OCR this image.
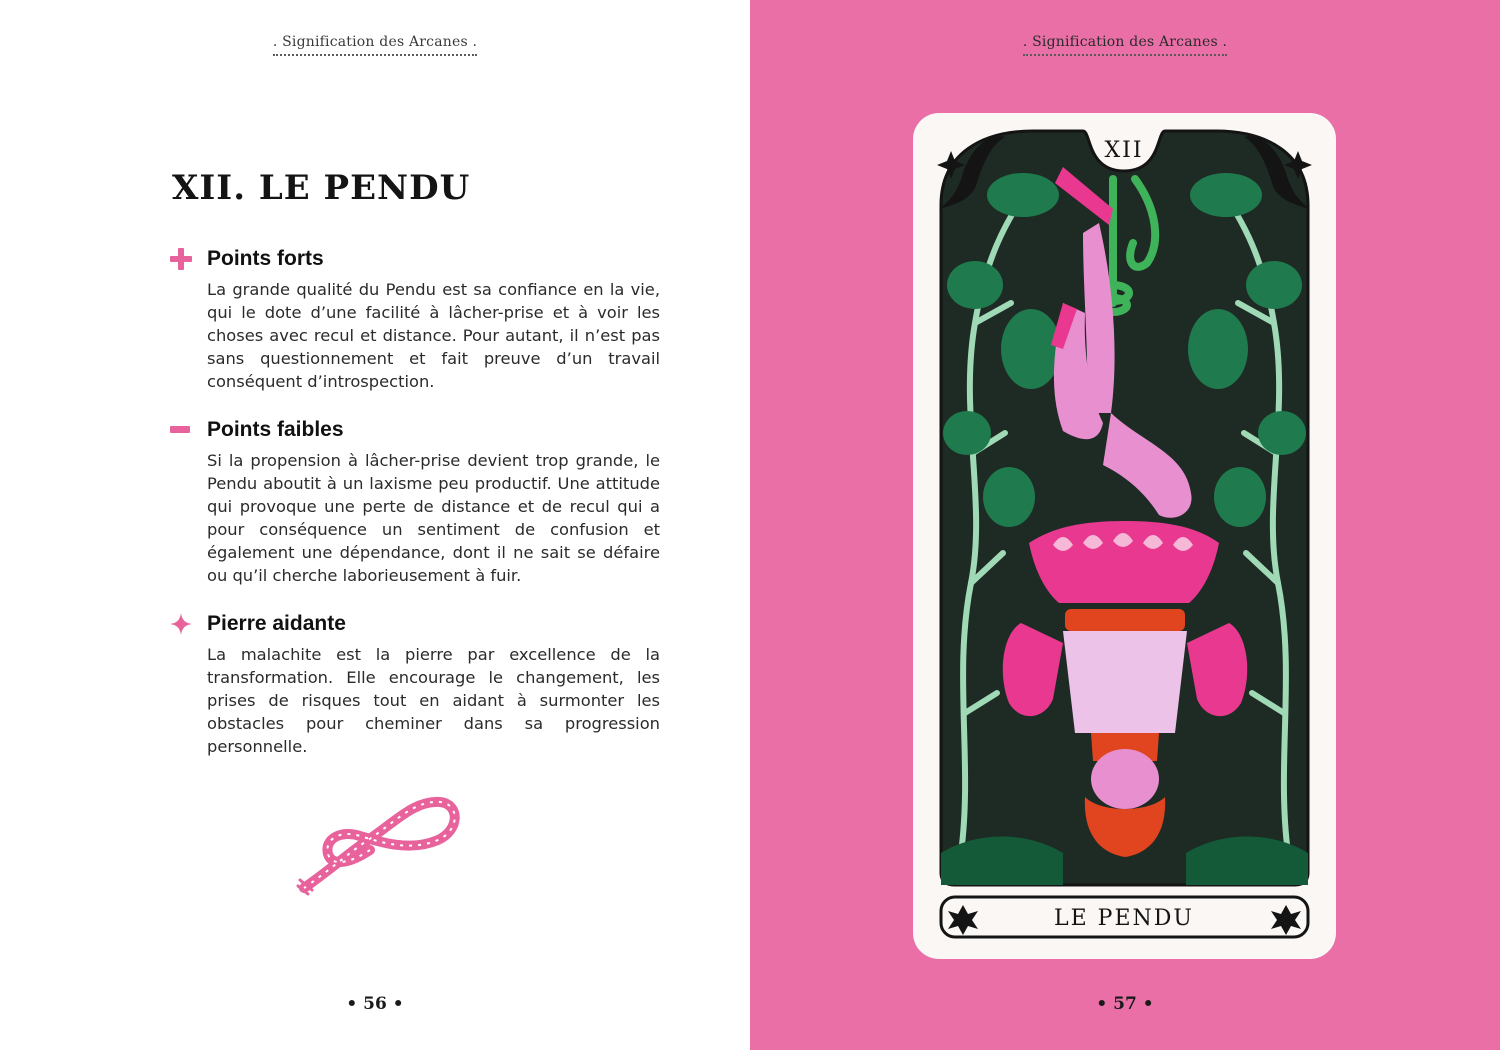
. Signification des Arcanes .
XII. LE PENDU
Points forts

La grande qualité du Pendu est sa confiance en la vie, qui le dote d’une facilité à lâcher-prise et à voir les choses avec recul et distance. Pour autant, il n’est pas sans questionnement et fait preuve d’un travail conséquent d’introspection.

Points faibles

Si la propension à lâcher-prise devient trop grande, le Pendu aboutit à un laxisme peu productif. Une attitude qui provoque une perte de distance et de recul qui a pour conséquence un sentiment de confusion et également une dépendance, dont il ne sait se défaire ou qu’il cherche laborieusement à fuir.

Pierre aidante

La malachite est la pierre par excellence de la transformation. Elle encourage le changement, les prises de risques tout en aidant à surmonter les obstacles pour cheminer dans sa progression personnelle.

• 56 •
. Signification des Arcanes .
XII
LE PENDU
• 57 •
